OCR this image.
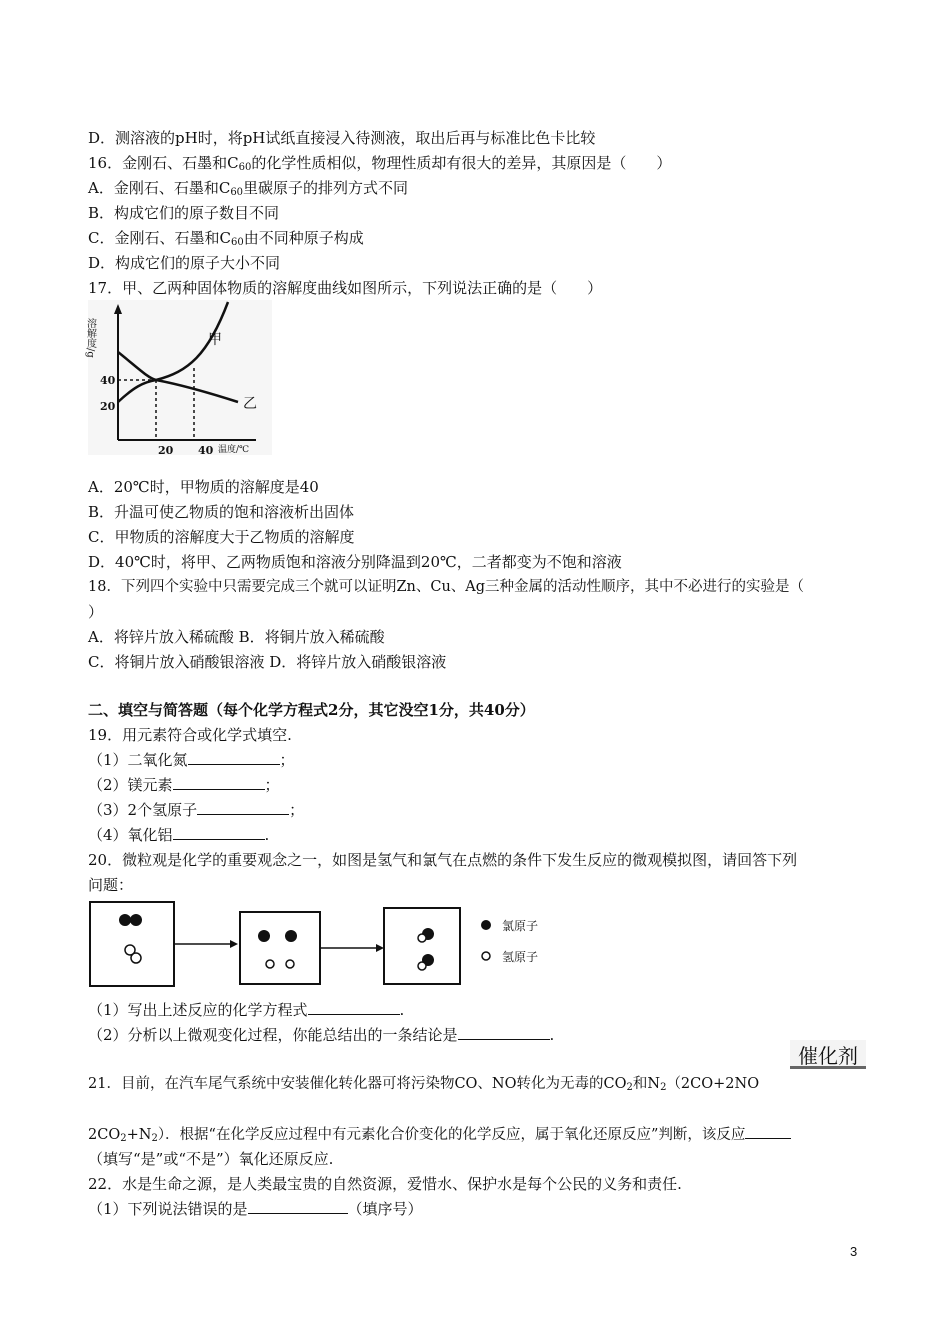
D．测溶液的pH时，将pH试纸直接浸入待测液，取出后再与标准比色卡比较
16．金刚石、石墨和$C_{60}$的化学性质相似，物理性质却有很大的差异，其原因是（　　）
A．金刚石、石墨和$C_{60}$里碳原子的排列方式不同
B．构成它们的原子数目不同
C．金刚石、石墨和$C_{60}$由不同种原子构成
D．构成它们的原子大小不同
17．甲、乙两种固体物质的溶解度曲线如图所示，下列说法正确的是（　　）
溶解度/g
40
20
20 40 温度/℃
甲
乙
A．20℃时，甲物质的溶解度是40
B．升温可使乙物质的饱和溶液析出固体
C．甲物质的溶解度大于乙物质的溶解度
D．40℃时，将甲、乙两物质饱和溶液分别降温到20℃，二者都变为不饱和溶液
18．下列四个实验中只需要完成三个就可以证明Zn、Cu、Ag三种金属的活动性顺序，其中不必进行的实验是（
）
A．将锌片放入稀硫酸 B．将铜片放入稀硫酸
C．将铜片放入硝酸银溶液 D．将锌片放入硝酸银溶液
二、填空与简答题（每个化学方程式2分，其它没空1分，共40分）
19．用元素符合或化学式填空.
（1）二氧化氮	；
（2）镁元素	；
（3）2个氢原子	；
（4）氧化铝	.
20．微粒观是化学的重要观念之一，如图是氢气和氯气在点燃的条件下发生反应的微观模拟图，请回答下列
问题：
氯原子
氢原子
（1）写出上述反应的化学方程式	.
（2）分析以上微观变化过程，你能总结出的一条结论是	.
催化剂
21．目前，在汽车尾气系统中安装催化转化器可将污染物CO、NO转化为无毒的$CO_2$和$N_2(2CO+2NO$
$2CO_2+N_2$）．根据“在化学反应过程中有元素化合价变化的化学反应，属于氧化还原反应”判断，该反应
（填写“是”或“不是”）氧化还原反应.
22．水是生命之源，是人类最宝贵的自然资源，爱惜水、保护水是每个公民的义务和责任.
（1）下列说法错误的是	（填序号）
3
